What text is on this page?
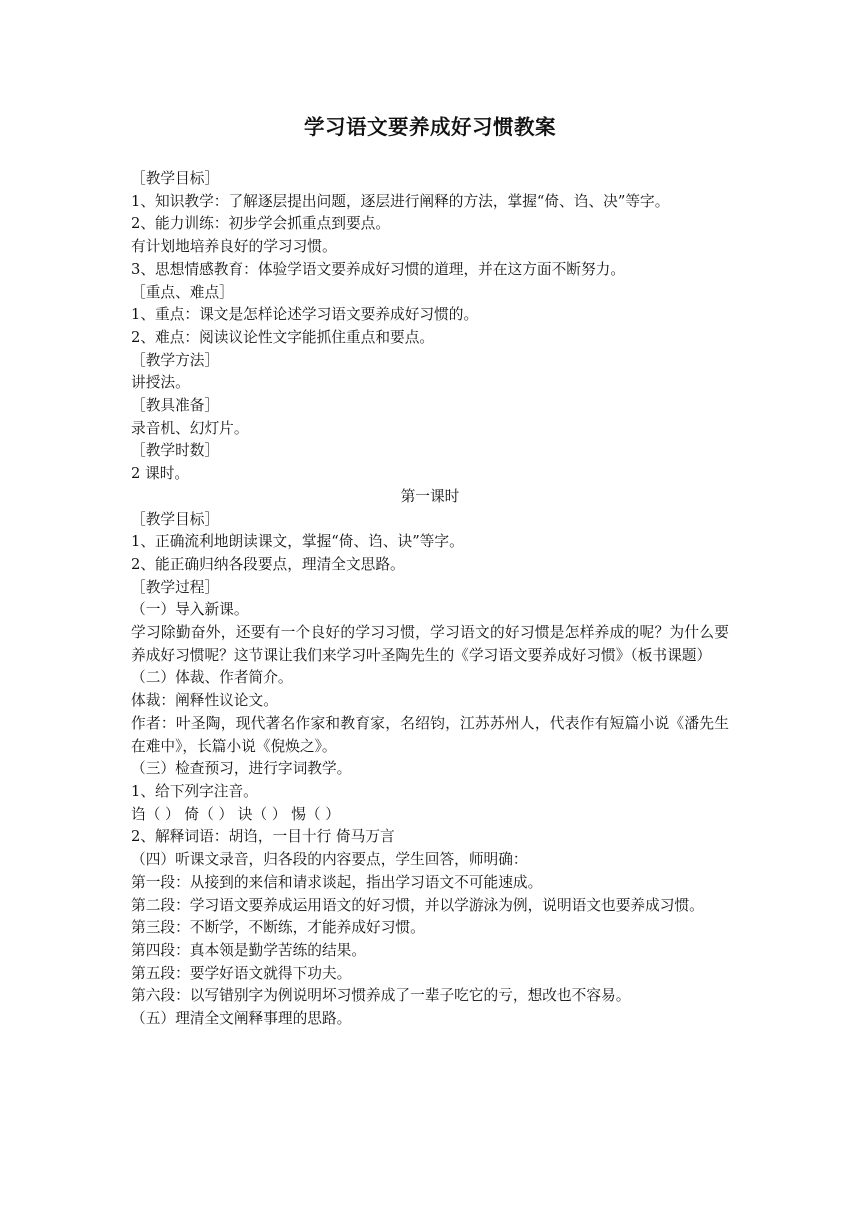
学习语文要养成好习惯教案

［教学目标］

1、知识教学：了解逐层提出问题，逐层进行阐释的方法，掌握“倚、诌、决”等字。

2、能力训练：初步学会抓重点到要点。

有计划地培养良好的学习习惯。

3、思想情感教育：体验学语文要养成好习惯的道理，并在这方面不断努力。

［重点、难点］

1、重点：课文是怎样论述学习语文要养成好习惯的。

2、难点：阅读议论性文字能抓住重点和要点。

［教学方法］

讲授法。

［教具准备］

录音机、幻灯片。

［教学时数］

2 课时。

第一课时

［教学目标］

1、正确流利地朗读课文，掌握“倚、诌、诀”等字。

2、能正确归纳各段要点，理清全文思路。

［教学过程］

（一）导入新课。

学习除勤奋外，还要有一个良好的学习习惯，学习语文的好习惯是怎样养成的呢？为什么要养成好习惯呢？这节课让我们来学习叶圣陶先生的《学习语文要养成好习惯》（板书课题）

（二）体裁、作者简介。

体裁：阐释性议论文。

作者：叶圣陶，现代著名作家和教育家，名绍钧，江苏苏州人，代表作有短篇小说《潘先生在难中》，长篇小说《倪焕之》。

（三）检查预习，进行字词教学。

1、给下列字注音。

诌（ ） 倚（ ） 诀（ ） 惕（ ）

2、解释词语：胡诌，一目十行 倚马万言

（四）听课文录音，归各段的内容要点，学生回答，师明确：

第一段：从接到的来信和请求谈起，指出学习语文不可能速成。

第二段：学习语文要养成运用语文的好习惯，并以学游泳为例，说明语文也要养成习惯。

第三段：不断学，不断练，才能养成好习惯。

第四段：真本领是勤学苦练的结果。

第五段：要学好语文就得下功夫。

第六段：以写错别字为例说明坏习惯养成了一辈子吃它的亏，想改也不容易。

（五）理清全文阐释事理的思路。
